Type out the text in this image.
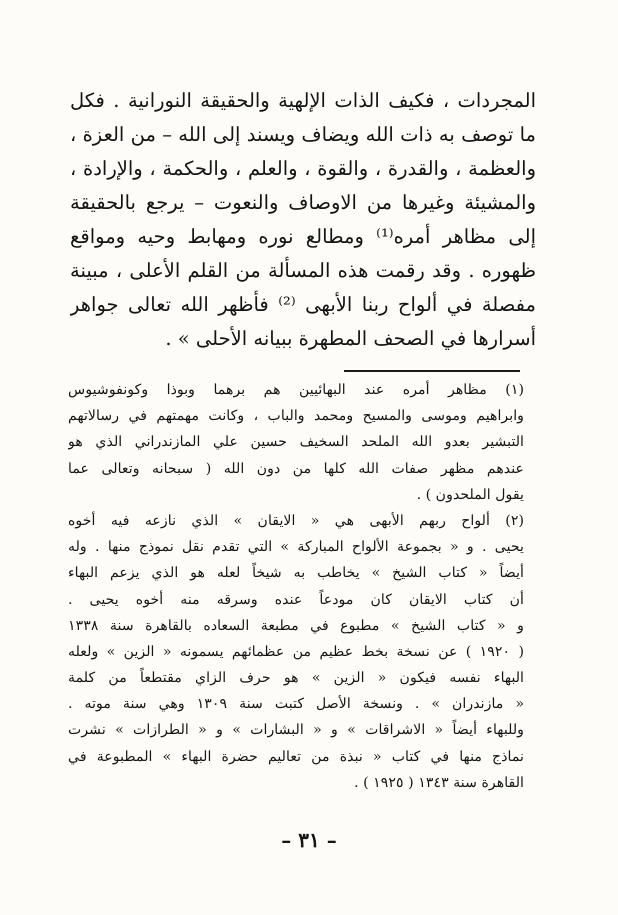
المجردات ، فكيف الذات الإلهية والحقيقة النورانية . فكل
ما توصف به ذات الله ويضاف ويسند إلى الله – من العزة ،
والعظمة ، والقدرة ، والقوة ، والعلم ، والحكمة ، والإرادة ،
والمشيئة وغيرها من الاوصاف والنعوت – يرجع بالحقيقة
إلى مظاهر أمره⁽¹⁾ ومطالع نوره ومهابط وحيه ومواقع
ظهوره . وقد رقمت هذه المسألة من القلم الأعلى ، مبينة
مفصلة في ألواح ربنا الأبهى ⁽²⁾ فأظهر الله تعالى جواهر
أسرارها في الصحف المطهرة ببيانه الأحلى » .
(١) مظاهر أمره عند البهائيين هم برهما وبوذا وكونفوشيوس
وابراهيم وموسى والمسيح ومحمد والباب ، وكانت مهمتهم في رسالاتهم
التبشير بعدو الله الملحد السخيف حسين علي المازندراني الذي هو
عندهم مظهر صفات الله كلها من دون الله ( سبحانه وتعالى عما
يقول الملحدون ) .
(٢) ألواح ربهم الأبهى هي « الايقان » الذي نازعه فيه أخوه
يحيى . و « بجموعة الألواح المباركة » التي تقدم نقل نموذج منها . وله
أيضاً « كتاب الشيخ » يخاطب به شيخاً لعله هو الذي يزعم البهاء
أن كتاب الايقان كان مودعاً عنده وسرقه منه أخوه يحيى .
و « كتاب الشيخ » مطبوع في مطبعة السعاده بالقاهرة سنة ١٣٣٨
( ١٩٢٠ ) عن نسخة بخط عظيم من عظمائهم يسمونه « الزين » ولعله
البهاء نفسه فيكون « الزين » هو حرف الزاي مقتطعاً من كلمة
« مازندران » . ونسخة الأصل كتبت سنة ١٣٠٩ وهي سنة موته .
وللبهاء أيضاً « الاشراقات » و « البشارات » و « الطرازات » نشرت
نماذج منها في كتاب « نبذة من تعاليم حضرة البهاء » المطبوعة في
القاهرة سنة ١٣٤٣ ( ١٩٢٥ ) .
– ٣١ –
